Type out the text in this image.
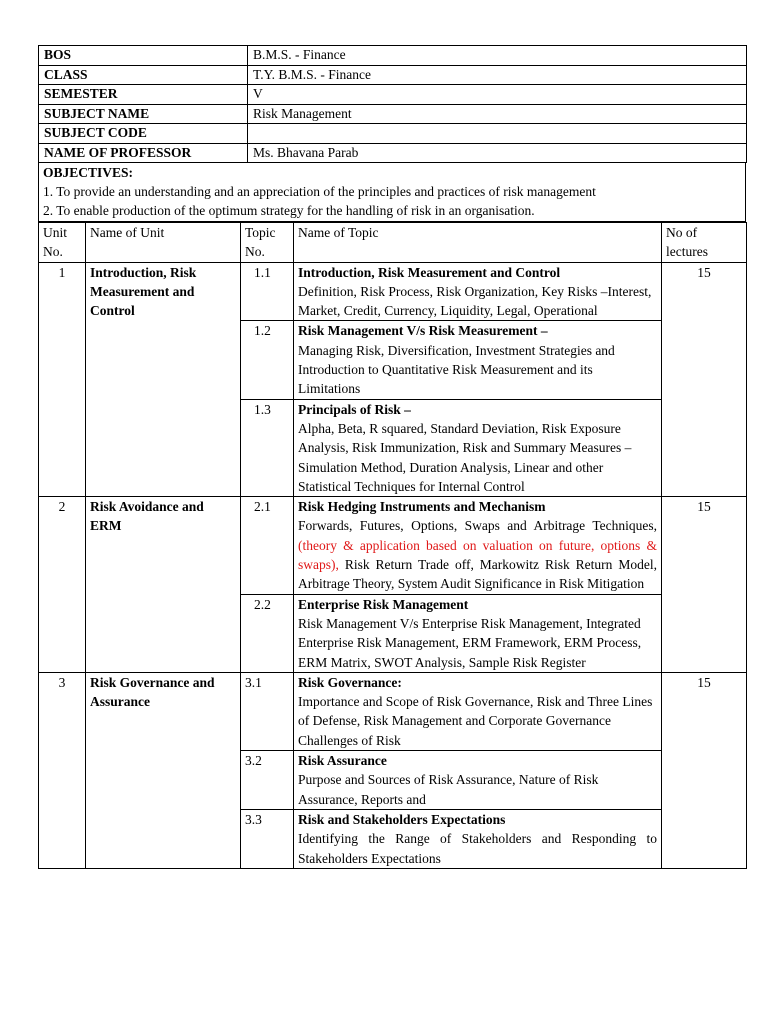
BOS	B.M.S. - Finance
CLASS	T.Y. B.M.S. - Finance
SEMESTER	V
SUBJECT NAME	Risk Management
SUBJECT CODE	
NAME OF PROFESSOR	Ms. Bhavana Parab
OBJECTIVES:
1. To provide an understanding and an appreciation of the principles and practices of risk management
2. To enable production of the optimum strategy for the handling of risk in an organisation.
Unit No.	Name of Unit	Topic No.	Name of Topic	No of lectures
1	Introduction, Risk Measurement and Control	1.1	Introduction, Risk Measurement and Control
Definition, Risk Process, Risk Organization, Key Risks –Interest, Market, Credit, Currency, Liquidity, Legal, Operational	15
		1.2	Risk Management V/s Risk Measurement –
Managing Risk, Diversification, Investment Strategies and Introduction to Quantitative Risk Measurement and its Limitations	
		1.3	Principals of Risk –
Alpha, Beta, R squared, Standard Deviation, Risk Exposure Analysis, Risk Immunization, Risk and Summary Measures –Simulation Method, Duration Analysis, Linear and other Statistical Techniques for Internal Control	
2	Risk Avoidance and ERM	2.1	Risk Hedging Instruments and Mechanism
Forwards, Futures, Options, Swaps and Arbitrage Techniques, (theory & application based on valuation on future, options & swaps), Risk Return Trade off, Markowitz Risk Return Model, Arbitrage Theory, System Audit Significance in Risk Mitigation	15
		2.2	Enterprise Risk Management
Risk Management V/s Enterprise Risk Management, Integrated Enterprise Risk Management, ERM Framework, ERM Process, ERM Matrix, SWOT Analysis, Sample Risk Register	
3	Risk Governance and Assurance	3.1	Risk Governance:
Importance and Scope of Risk Governance, Risk and Three Lines of Defense, Risk Management and Corporate Governance Challenges of Risk	15
		3.2	Risk Assurance
Purpose and Sources of Risk Assurance, Nature of Risk Assurance, Reports and	
		3.3	Risk and Stakeholders Expectations
Identifying the Range of Stakeholders and Responding to Stakeholders Expectations	
